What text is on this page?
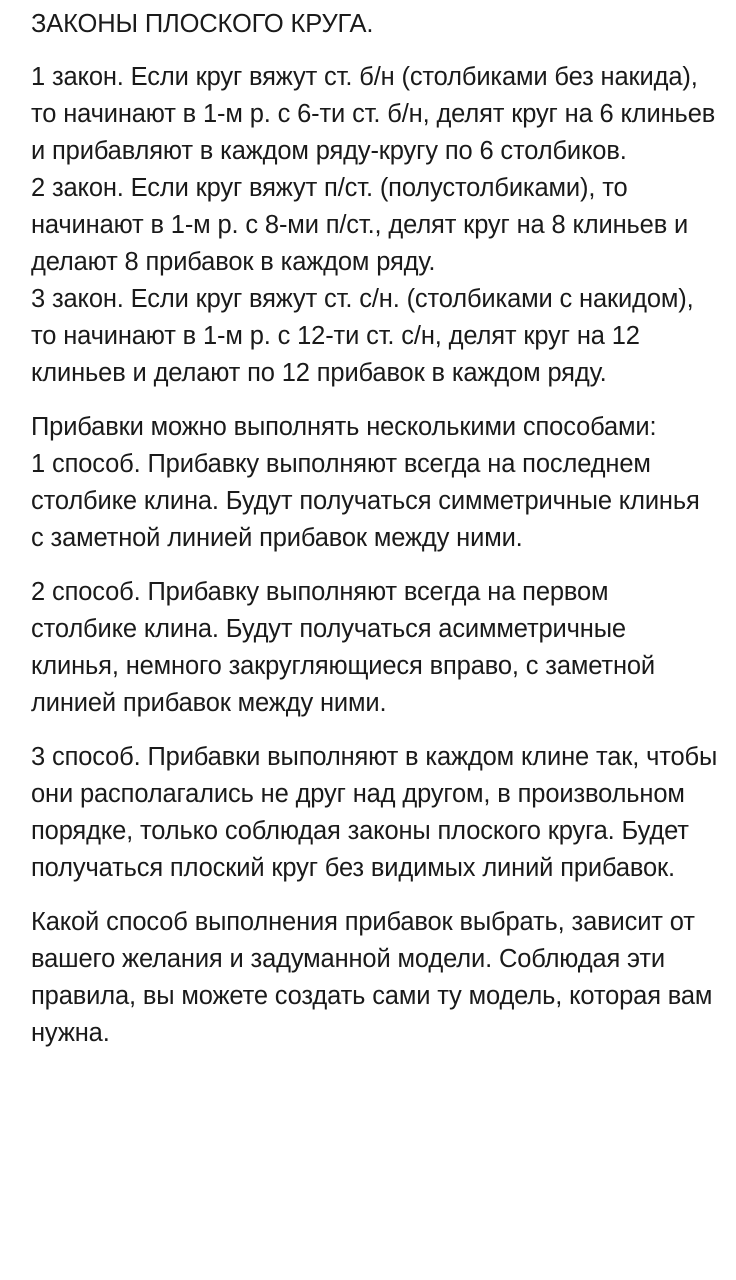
ЗАКОНЫ ПЛОСКОГО КРУГА.
1 закон. Если круг вяжут ст. б/н (столбиками без накида), то начинают в 1-м р. с 6-ти ст. б/н, делят круг на 6 клиньев и прибавляют в каждом ряду-кругу по 6 столбиков.
2 закон. Если круг вяжут п/ст. (полустолбиками), то начинают в 1-м р. с 8-ми п/ст., делят круг на 8 клиньев и делают 8 прибавок в каждом ряду.
3 закон. Если круг вяжут ст. с/н. (столбиками с накидом), то начинают в 1-м р. с 12-ти ст. с/н, делят круг на 12 клиньев и делают по 12 прибавок в каждом ряду.
Прибавки можно выполнять несколькими способами:
1 способ. Прибавку выполняют всегда на последнем столбике клина. Будут получаться симметричные клинья с заметной линией прибавок между ними.
2 способ. Прибавку выполняют всегда на первом столбике клина. Будут получаться асимметричные клинья, немного закругляющиеся вправо, с заметной линией прибавок между ними.
3 способ. Прибавки выполняют в каждом клине так, чтобы они располагались не друг над другом, в произвольном порядке, только соблюдая законы плоского круга. Будет получаться плоский круг без видимых линий прибавок.
Какой способ выполнения прибавок выбрать, зависит от вашего желания и задуманной модели. Соблюдая эти правила, вы можете создать сами ту модель, которая вам нужна.
